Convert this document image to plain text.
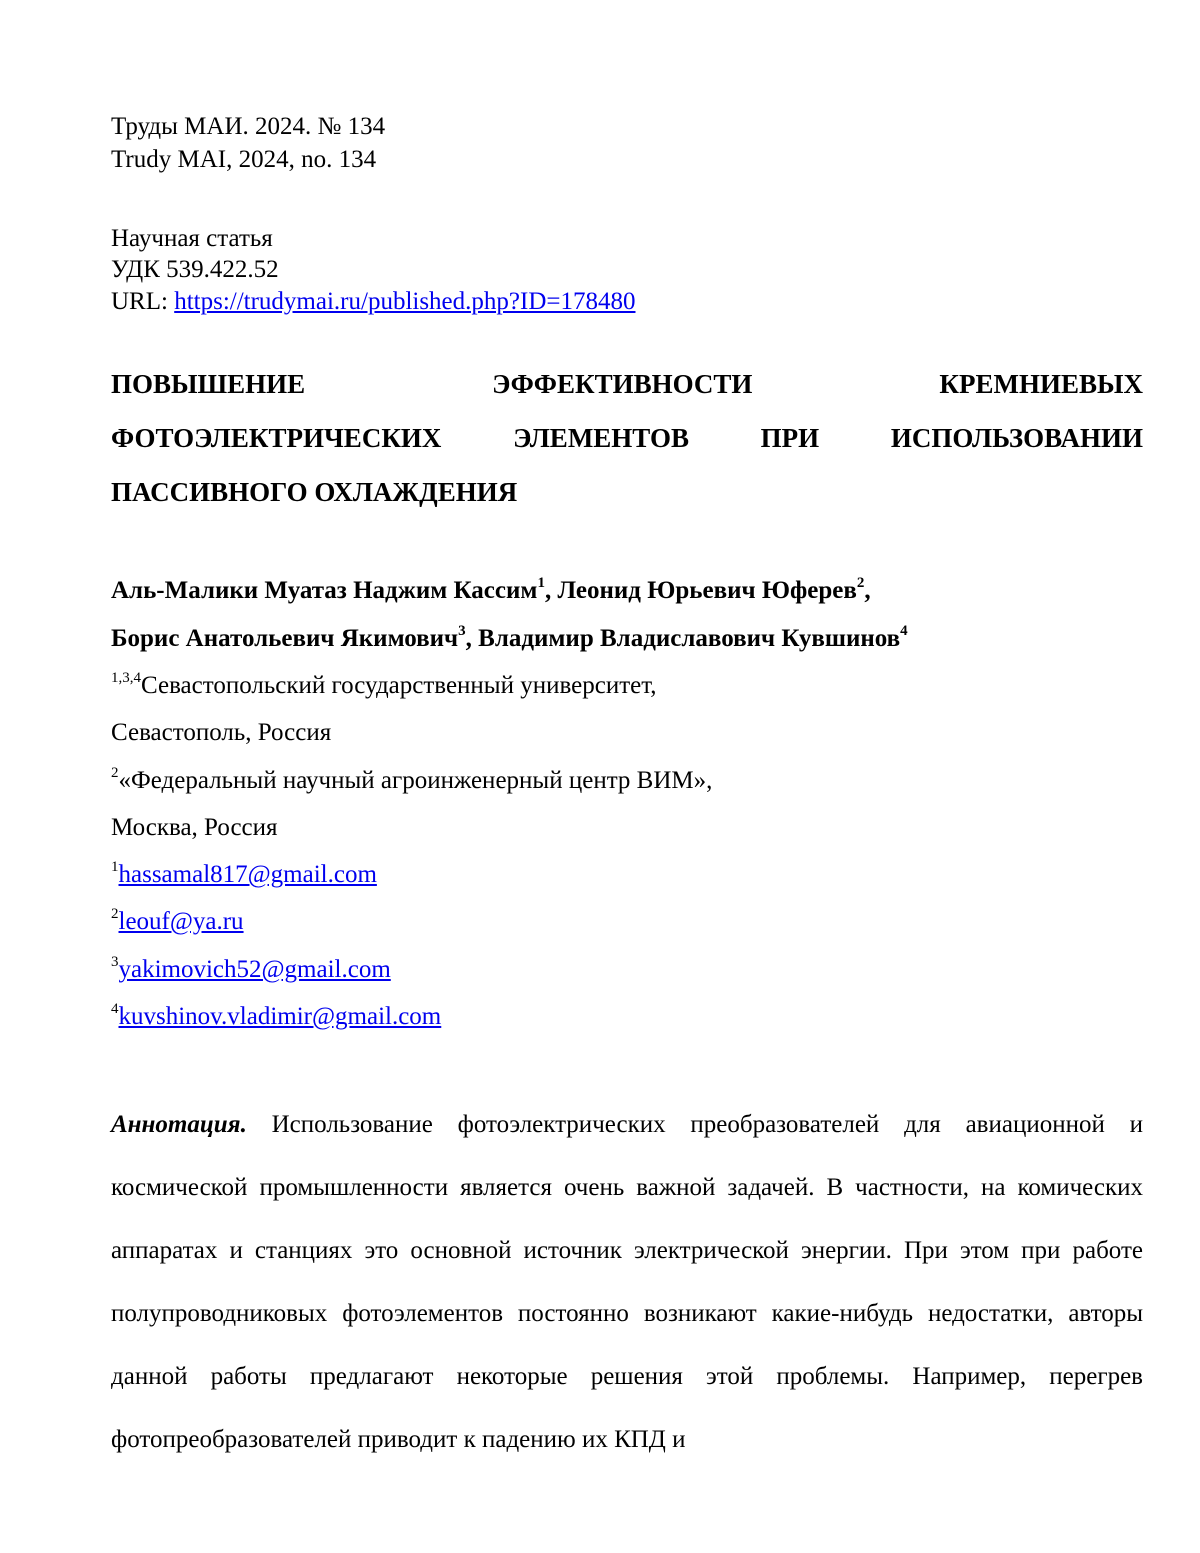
Труды МАИ. 2024. № 134
Trudy MAI, 2024, no. 134
Научная статья
УДК 539.422.52
URL: https://trudymai.ru/published.php?ID=178480
ПОВЫШЕНИЕ	ЭФФЕКТИВНОСТИ	КРЕМНИЕВЫХ
ФОТОЭЛЕКТРИЧЕСКИХ	ЭЛЕМЕНТОВ	ПРИ	ИСПОЛЬЗОВАНИИ
ПАССИВНОГО ОХЛАЖДЕНИЯ
Аль-Малики Муатаз Наджим Кассим$^1$, Леонид Юрьевич Юферев$^2$,
Борис Анатольевич Якимович$^3$, Владимир Владиславович Кувшинов$^4$
$^{1,3,4}$Севастопольский государственный университет,
Севастополь, Россия
$^2$«Федеральный научный агроинженерный центр ВИМ»,
Москва, Россия
$^1$hassamal817@gmail.com
$^2$leouf@ya.ru
$^3$yakimovich52@gmail.com
$^4$kuvshinov.vladimir@gmail.com
Аннотация. Использование фотоэлектрических преобразователей для авиационной и космической промышленности является очень важной задачей. В частности, на комических аппаратах и станциях это основной источник электрической энергии. При этом при работе полупроводниковых фотоэлементов постоянно возникают какие-нибудь недостатки, авторы данной работы предлагают некоторые решения этой проблемы. Например, перегрев фотопреобразователей приводит к падению их КПД и
